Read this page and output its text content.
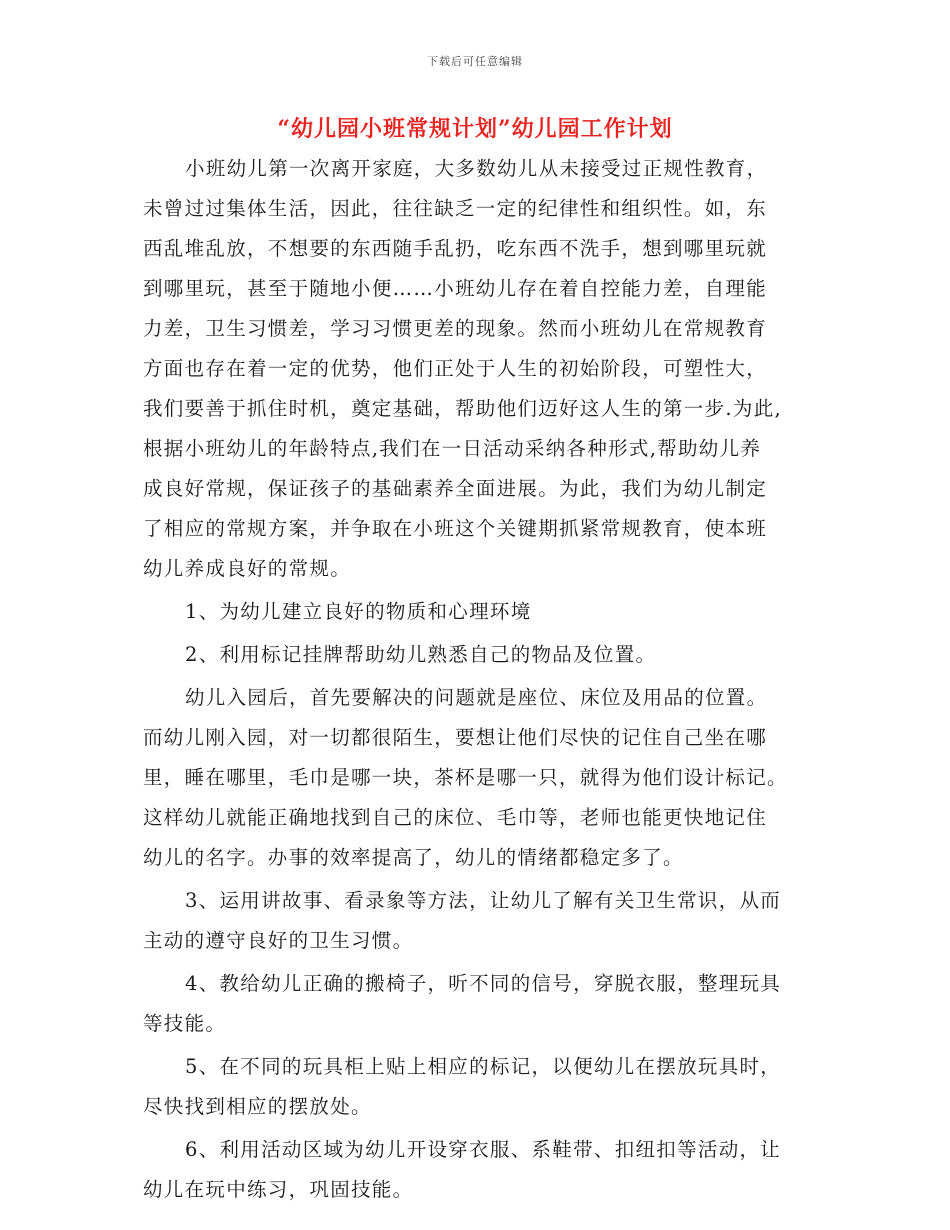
下载后可任意编辑
“幼儿园小班常规计划”幼儿园工作计划
小班幼儿第一次离开家庭，大多数幼儿从未接受过正规性教育，
未曾过过集体生活，因此，往往缺乏一定的纪律性和组织性。如，东
西乱堆乱放，不想要的东西随手乱扔，吃东西不洗手，想到哪里玩就
到哪里玩，甚至于随地小便……小班幼儿存在着自控能力差，自理能
力差，卫生习惯差，学习习惯更差的现象。然而小班幼儿在常规教育
方面也存在着一定的优势，他们正处于人生的初始阶段，可塑性大，
我们要善于抓住时机，奠定基础，帮助他们迈好这人生的第一步.为此,
根据小班幼儿的年龄特点,我们在一日活动采纳各种形式,帮助幼儿养
成良好常规，保证孩子的基础素养全面进展。为此，我们为幼儿制定
了相应的常规方案，并争取在小班这个关键期抓紧常规教育，使本班
幼儿养成良好的常规。
1、为幼儿建立良好的物质和心理环境
2、利用标记挂牌帮助幼儿熟悉自己的物品及位置。
幼儿入园后，首先要解决的问题就是座位、床位及用品的位置。
而幼儿刚入园，对一切都很陌生，要想让他们尽快的记住自己坐在哪
里，睡在哪里，毛巾是哪一块，茶杯是哪一只，就得为他们设计标记。
这样幼儿就能正确地找到自己的床位、毛巾等，老师也能更快地记住
幼儿的名字。办事的效率提高了，幼儿的情绪都稳定多了。
3、运用讲故事、看录象等方法，让幼儿了解有关卫生常识，从而
主动的遵守良好的卫生习惯。
4、教给幼儿正确的搬椅子，听不同的信号，穿脱衣服，整理玩具
等技能。
5、在不同的玩具柜上贴上相应的标记，以便幼儿在摆放玩具时，
尽快找到相应的摆放处。
6、利用活动区域为幼儿开设穿衣服、系鞋带、扣纽扣等活动，让
幼儿在玩中练习，巩固技能。
